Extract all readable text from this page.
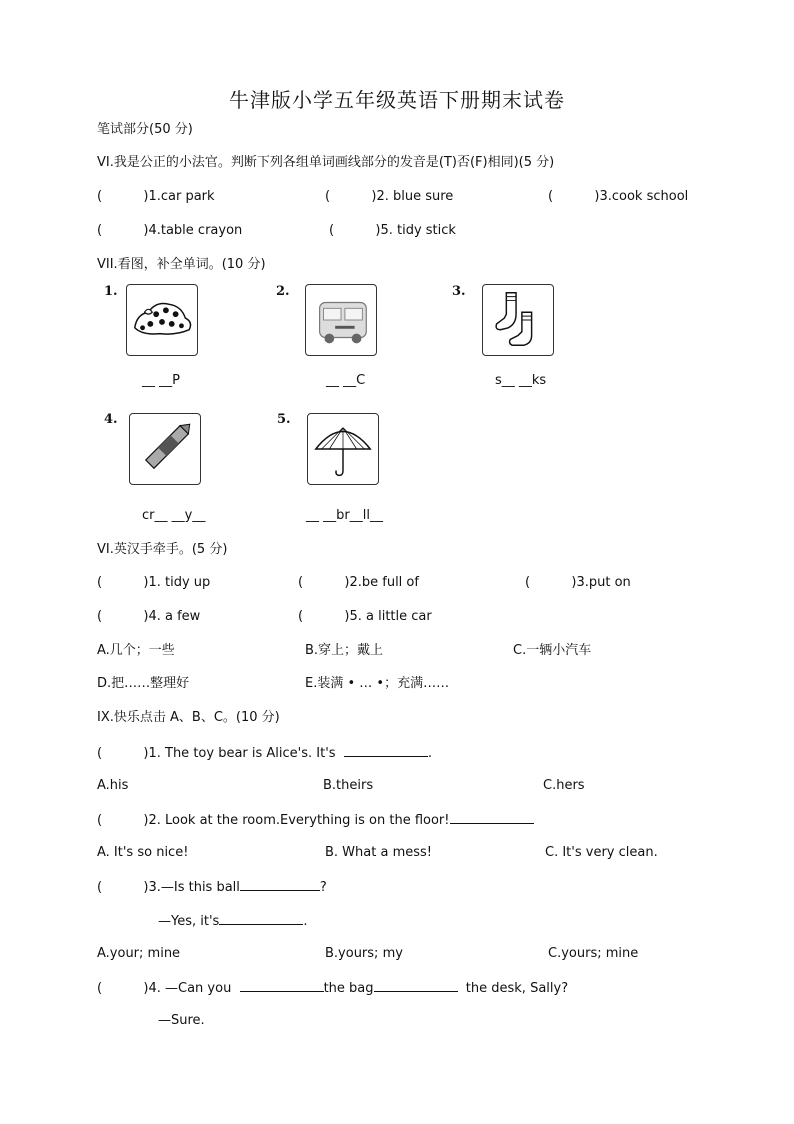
牛津版小学五年级英语下册期末试卷
笔试部分(50 分)
VI.我是公正的小法官。判断下列各组单词画线部分的发音是(T)否(F)相同)(5 分)
(          )1.car park	(          )2. blue sure	(          )3.cook school
(          )4.table crayon	(          )5. tidy stick
VII.看图，补全单词。(10 分)
1.	2.	3.
__ __P	__ __C	s__ __ks
4.	5.
cr__ __y__	__ __br__ll__
VI.英汉手牵手。(5 分)
(          )1. tidy up	(          )2.be full of	(          )3.put on
(          )4. a few	(          )5. a little car
A.几个；一些	B.穿上；戴上	C.一辆小汽车
D.把……整理好	E.装满 • … •；充满……
IX.快乐点击 A、B、C。(10 分)
(          )1. The toy bear is Alice's. It's	.
A.his	B.theirs	C.hers
(          )2. Look at the room.Everything is on the floor!
A. It's so nice!	B. What a mess!	C. It's very clean.
(          )3.—Is this ball	?
—Yes, it's	.
A.your; mine	B.yours; my	C.yours; mine
(          )4. —Can you	the bag	the desk, Sally?
—Sure.
